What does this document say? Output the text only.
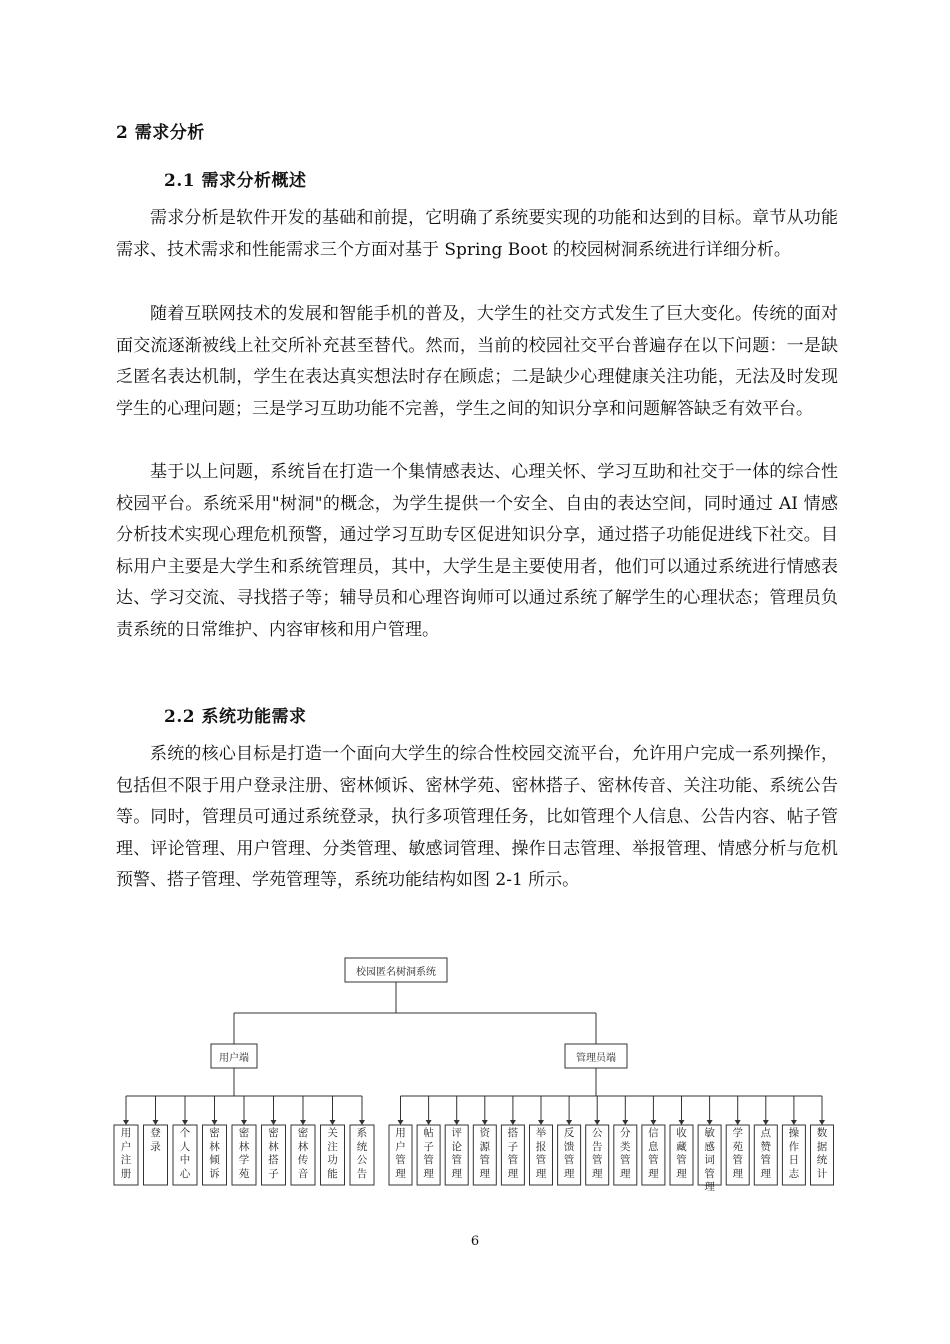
2 需求分析
2.1 需求分析概述

需求分析是软件开发的基础和前提，它明确了系统要实现的功能和达到的目标。章节从功能需求、技术需求和性能需求三个方面对基于 Spring Boot 的校园树洞系统进行详细分析。

随着互联网技术的发展和智能手机的普及，大学生的社交方式发生了巨大变化。传统的面对面交流逐渐被线上社交所补充甚至替代。然而，当前的校园社交平台普遍存在以下问题：一是缺乏匿名表达机制，学生在表达真实想法时存在顾虑；二是缺少心理健康关注功能，无法及时发现学生的心理问题；三是学习互助功能不完善，学生之间的知识分享和问题解答缺乏有效平台。

基于以上问题，系统旨在打造一个集情感表达、心理关怀、学习互助和社交于一体的综合性校园平台。系统采用"树洞"的概念，为学生提供一个安全、自由的表达空间，同时通过 AI 情感分析技术实现心理危机预警，通过学习互助专区促进知识分享，通过搭子功能促进线下社交。目标用户主要是大学生和系统管理员，其中，大学生是主要使用者，他们可以通过系统进行情感表达、学习交流、寻找搭子等；辅导员和心理咨询师可以通过系统了解学生的心理状态；管理员负责系统的日常维护、内容审核和用户管理。

2.2 系统功能需求

系统的核心目标是打造一个面向大学生的综合性校园交流平台，允许用户完成一系列操作，包括但不限于用户登录注册、密林倾诉、密林学苑、密林搭子、密林传音、关注功能、系统公告等。同时，管理员可通过系统登录，执行多项管理任务，比如管理个人信息、公告内容、帖子管理、评论管理、用户管理、分类管理、敏感词管理、操作日志管理、举报管理、情感分析与危机预警、搭子管理、学苑管理等，系统功能结构如图 2-1 所示。

校园匿名树洞系统
用户端	管理员端
用
户
注
册
登
录
个
人
中
心
密
林
倾
诉
密
林
学
苑
密
林
搭
子
密
林
传
音
关
注
功
能
系
统
公
告
用
户
管
理
帖
子
管
理
评
论
管
理
资
源
管
理
搭
子
管
理
举
报
管
理
反
馈
管
理
公
告
管
理
分
类
管
理
信
息
管
理
收
藏
管
理
敏
感
词
管
理
学
苑
管
理
点
赞
管
理
操
作
日
志
数
据
统
计
6
